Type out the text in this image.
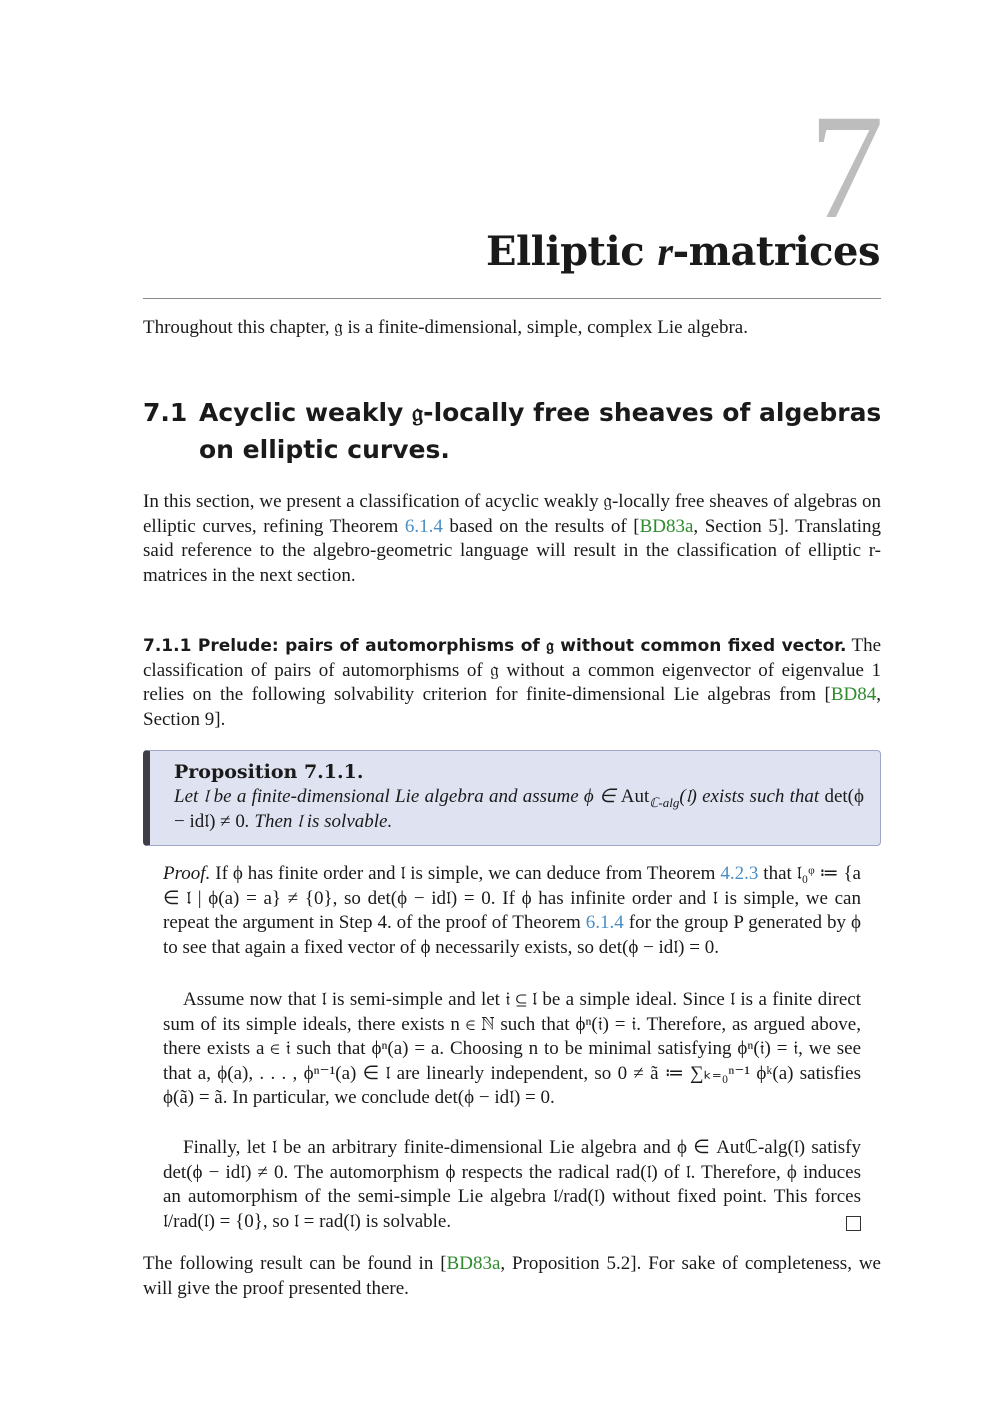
7
Elliptic r-matrices
Throughout this chapter, 𝔤 is a finite-dimensional, simple, complex Lie algebra.
7.1 Acyclic weakly 𝔤-locally free sheaves of algebras on elliptic curves.
In this section, we present a classification of acyclic weakly 𝔤-locally free sheaves of algebras on elliptic curves, refining Theorem 6.1.4 based on the results of [BD83a, Section 5]. Translating said reference to the algebro-geometric language will result in the classification of elliptic r-matrices in the next section.
7.1.1 Prelude: pairs of automorphisms of 𝔤 without common fixed vector. The classification of pairs of automorphisms of 𝔤 without a common eigenvector of eigenvalue 1 relies on the following solvability criterion for finite-dimensional Lie algebras from [BD84, Section 9].
Proposition 7.1.1.
Let 𝔩 be a finite-dimensional Lie algebra and assume ϕ ∈ Aut$_{ℂ-alg}$(𝔩) exists such that det(ϕ − id𝔩) ≠ 0. Then 𝔩 is solvable.
Proof. If ϕ has finite order and 𝔩 is simple, we can deduce from Theorem 4.2.3 that 𝔩₀ᵠ ≔ {a ∈ 𝔩 | ϕ(a) = a} ≠ {0}, so det(ϕ − id𝔩) = 0. If ϕ has infinite order and 𝔩 is simple, we can repeat the argument in Step 4. of the proof of Theorem 6.1.4 for the group P generated by ϕ to see that again a fixed vector of ϕ necessarily exists, so det(ϕ − id𝔩) = 0.
Assume now that 𝔩 is semi-simple and let 𝔦 ⊆ 𝔩 be a simple ideal. Since 𝔩 is a finite direct sum of its simple ideals, there exists n ∈ ℕ such that ϕⁿ(𝔦) = 𝔦. Therefore, as argued above, there exists a ∈ 𝔦 such that ϕⁿ(a) = a. Choosing n to be minimal satisfying ϕⁿ(𝔦) = 𝔦, we see that a, ϕ(a), . . . , ϕⁿ⁻¹(a) ∈ 𝔩 are linearly independent, so 0 ≠ ã ≔ ∑ₖ₌₀ⁿ⁻¹ ϕᵏ(a) satisfies ϕ(ã) = ã. In particular, we conclude det(ϕ − id𝔩) = 0.
Finally, let 𝔩 be an arbitrary finite-dimensional Lie algebra and ϕ ∈ Autℂ-alg(𝔩) satisfy det(ϕ − id𝔩) ≠ 0. The automorphism ϕ respects the radical rad(𝔩) of 𝔩. Therefore, ϕ induces an automorphism of the semi-simple Lie algebra 𝔩/rad(𝔩) without fixed point. This forces 𝔩/rad(𝔩) = {0}, so 𝔩 = rad(𝔩) is solvable.
The following result can be found in [BD83a, Proposition 5.2]. For sake of completeness, we will give the proof presented there.
